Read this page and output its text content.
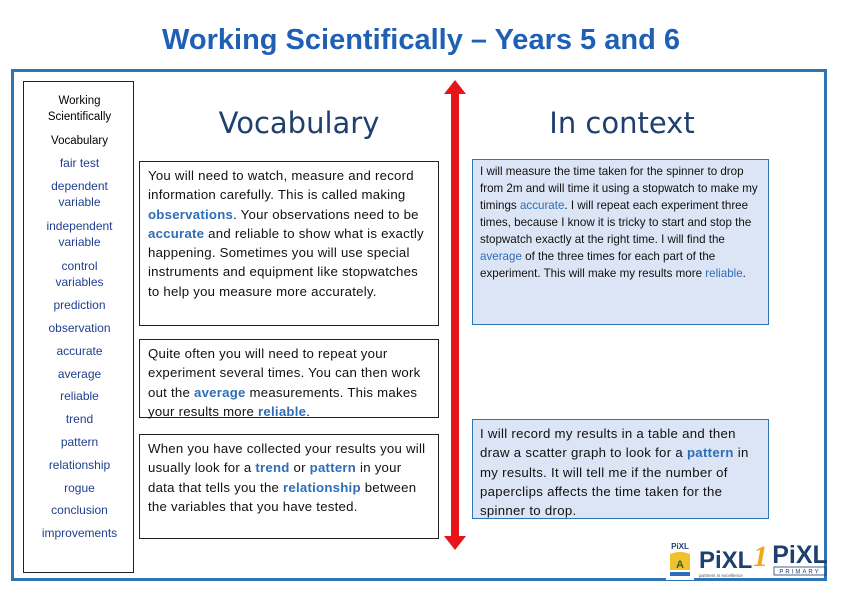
Working Scientifically – Years 5 and 6
Working
Scientifically
Vocabulary
fair test
dependent
variable
independent
variable
control
variables
prediction
observation
accurate
average
reliable
trend
pattern
relationship
rogue
conclusion
improvements
Vocabulary	In context
You will need to watch, measure and record information carefully. This is called making observations. Your observations need to be accurate and reliable to show what is exactly happening. Sometimes you will use special instruments and equipment like stopwatches to help you measure more accurately.
Quite often you will need to repeat your experiment several times. You can then work out the average measurements. This makes your results more reliable.
When you have collected your results you will usually look for a trend or pattern in your data that tells you the relationship between the variables that you have tested.
I will measure the time taken for the spinner to drop from 2m and will time it using a stopwatch to make my timings accurate. I will repeat each experiment three times, because I know it is tricky to start and stop the stopwatch exactly at the right time. I will find the average of the three times for each part of the experiment. This will make my results more reliable.
I will record my results in a table and then draw a scatter graph to look for a pattern in my results. It will tell me if the number of paperclips affects the time taken for the spinner to drop.
PiXL
A PiXL 1
partners in excellence
PiXL
PRIMARY
